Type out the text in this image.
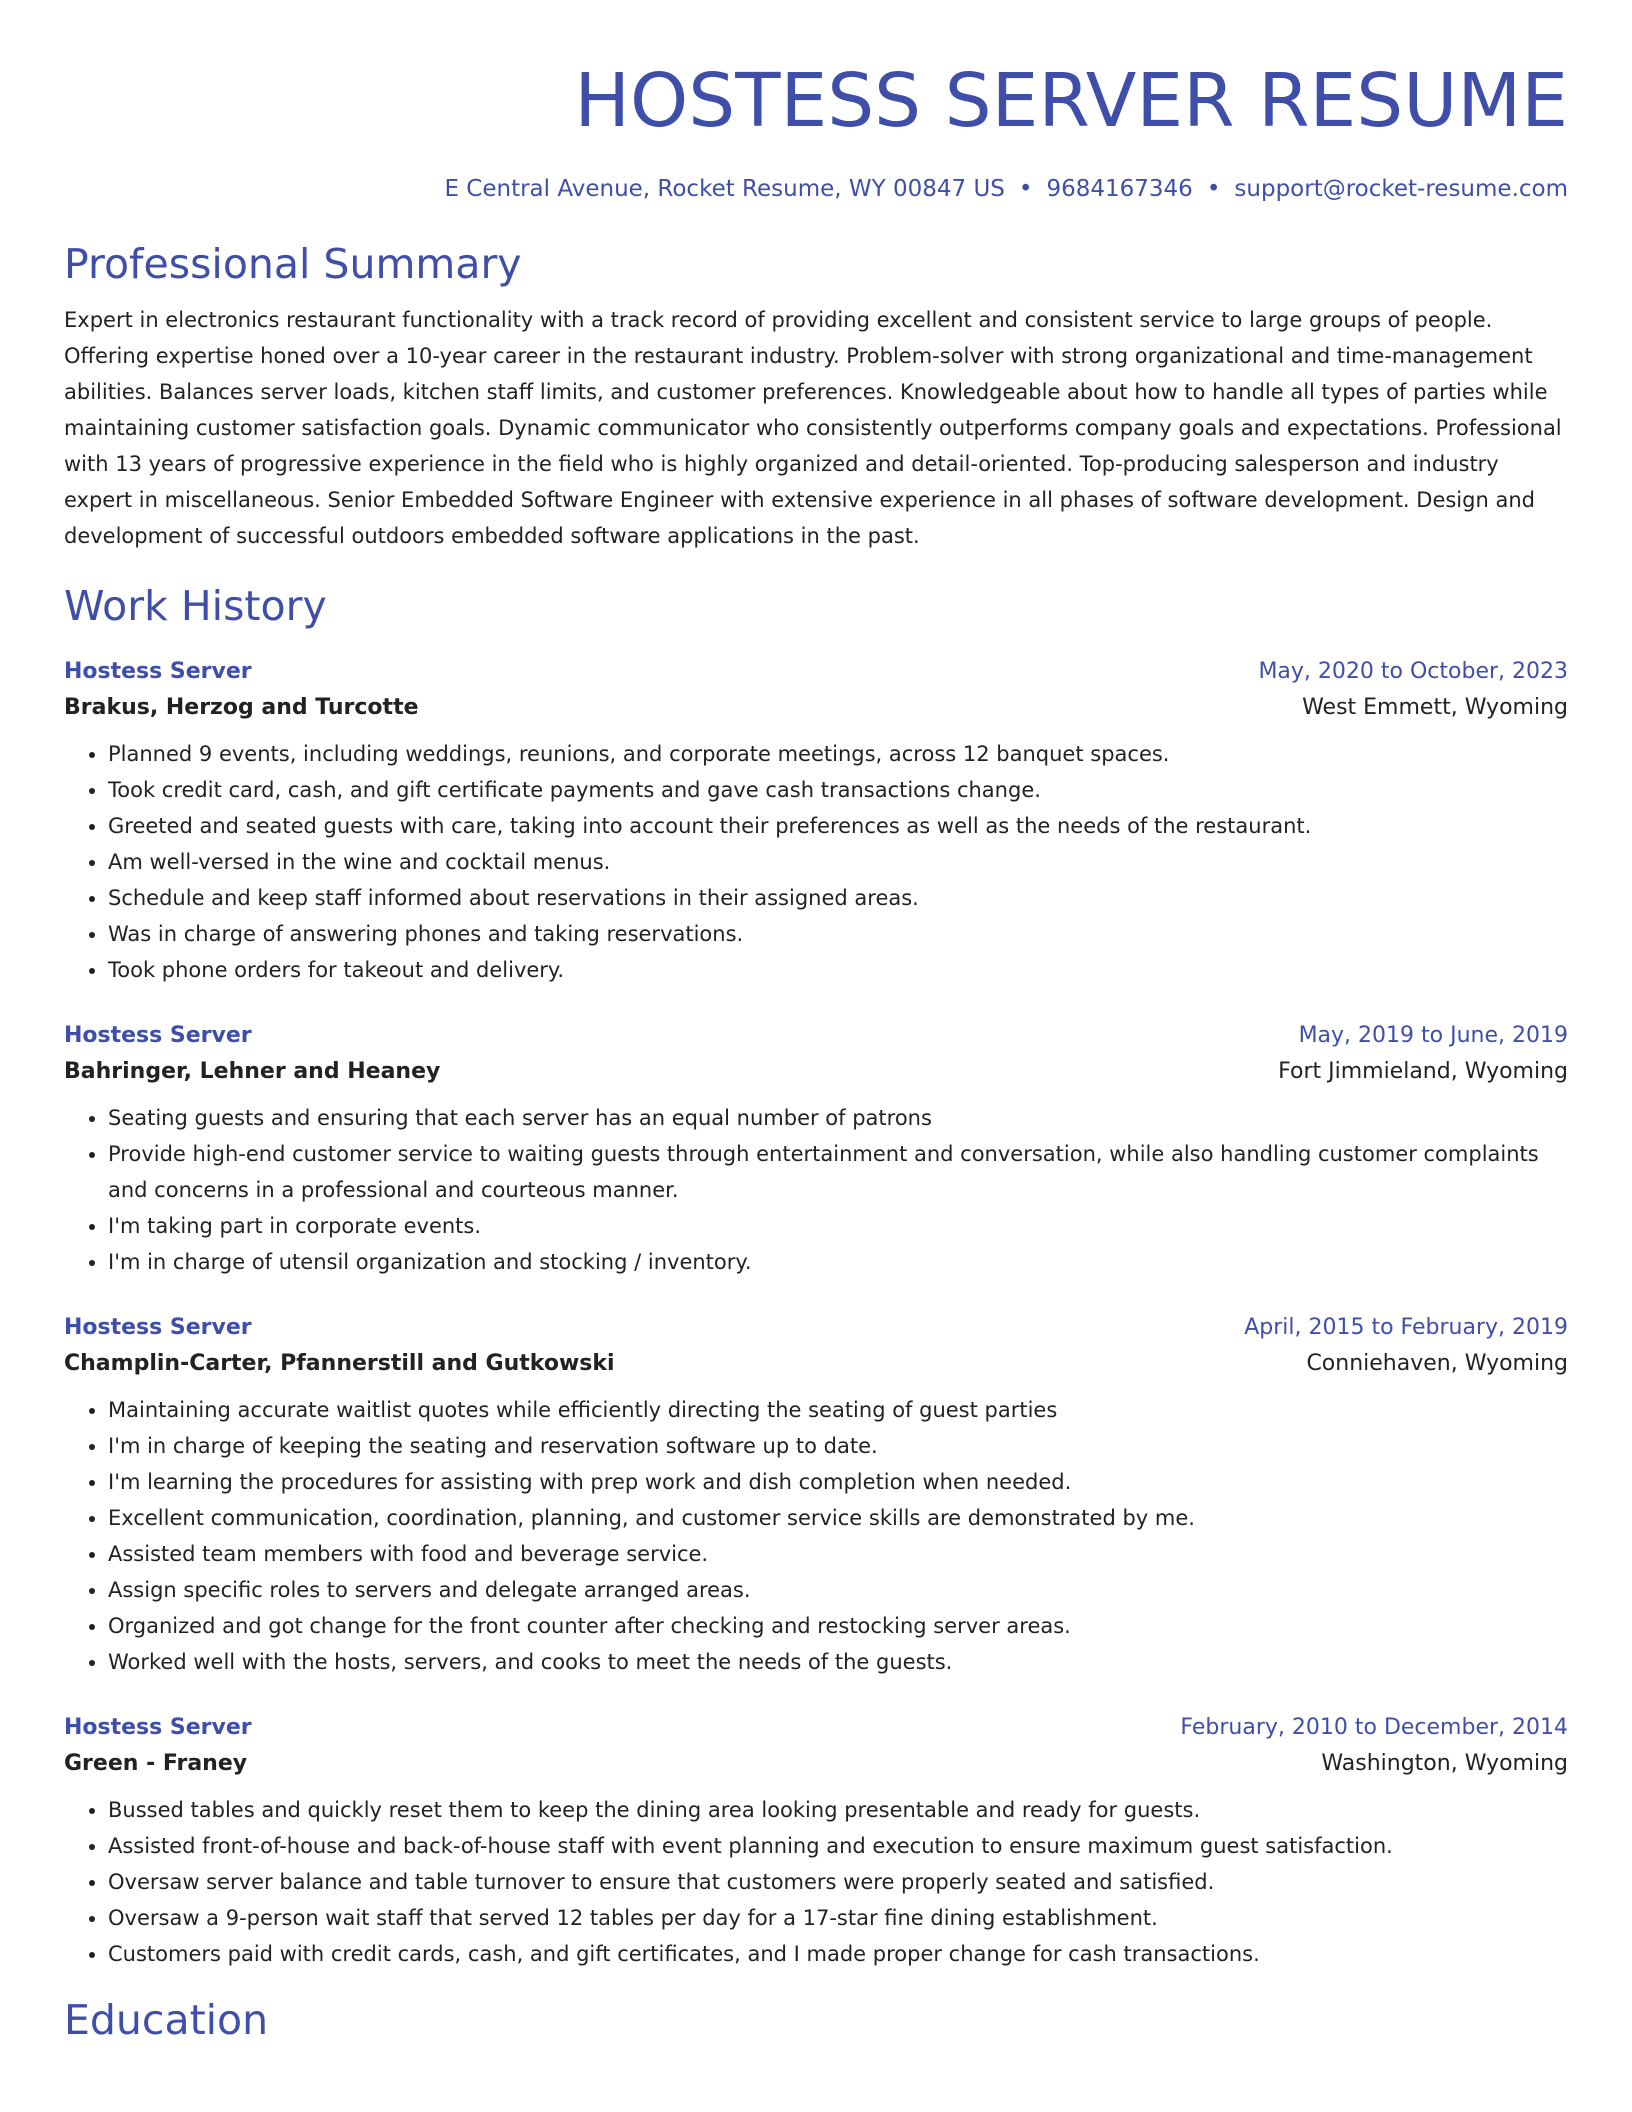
HOSTESS SERVER RESUME
E Central Avenue, Rocket Resume, WY 00847 US • 9684167346 • support@rocket-resume.com
Professional Summary
Expert in electronics restaurant functionality with a track record of providing excellent and consistent service to large groups of people. Offering expertise honed over a 10-year career in the restaurant industry. Problem-solver with strong organizational and time-management abilities. Balances server loads, kitchen staff limits, and customer preferences. Knowledgeable about how to handle all types of parties while maintaining customer satisfaction goals. Dynamic communicator who consistently outperforms company goals and expectations. Professional with 13 years of progressive experience in the field who is highly organized and detail-oriented. Top-producing salesperson and industry expert in miscellaneous. Senior Embedded Software Engineer with extensive experience in all phases of software development. Design and development of successful outdoors embedded software applications in the past.
Work History
Hostess Server	May, 2020 to October, 2023
Brakus, Herzog and Turcotte	West Emmett, Wyoming
• Planned 9 events, including weddings, reunions, and corporate meetings, across 12 banquet spaces.
• Took credit card, cash, and gift certificate payments and gave cash transactions change.
• Greeted and seated guests with care, taking into account their preferences as well as the needs of the restaurant.
• Am well-versed in the wine and cocktail menus.
• Schedule and keep staff informed about reservations in their assigned areas.
• Was in charge of answering phones and taking reservations.
• Took phone orders for takeout and delivery.
Hostess Server	May, 2019 to June, 2019
Bahringer, Lehner and Heaney	Fort Jimmieland, Wyoming
• Seating guests and ensuring that each server has an equal number of patrons
• Provide high-end customer service to waiting guests through entertainment and conversation, while also handling customer complaints and concerns in a professional and courteous manner.
• I'm taking part in corporate events.
• I'm in charge of utensil organization and stocking / inventory.
Hostess Server	April, 2015 to February, 2019
Champlin-Carter, Pfannerstill and Gutkowski	Conniehaven, Wyoming
• Maintaining accurate waitlist quotes while efficiently directing the seating of guest parties
• I'm in charge of keeping the seating and reservation software up to date.
• I'm learning the procedures for assisting with prep work and dish completion when needed.
• Excellent communication, coordination, planning, and customer service skills are demonstrated by me.
• Assisted team members with food and beverage service.
• Assign specific roles to servers and delegate arranged areas.
• Organized and got change for the front counter after checking and restocking server areas.
• Worked well with the hosts, servers, and cooks to meet the needs of the guests.
Hostess Server	February, 2010 to December, 2014
Green - Franey	Washington, Wyoming
• Bussed tables and quickly reset them to keep the dining area looking presentable and ready for guests.
• Assisted front-of-house and back-of-house staff with event planning and execution to ensure maximum guest satisfaction.
• Oversaw server balance and table turnover to ensure that customers were properly seated and satisfied.
• Oversaw a 9-person wait staff that served 12 tables per day for a 17-star fine dining establishment.
• Customers paid with credit cards, cash, and gift certificates, and I made proper change for cash transactions.
Education
